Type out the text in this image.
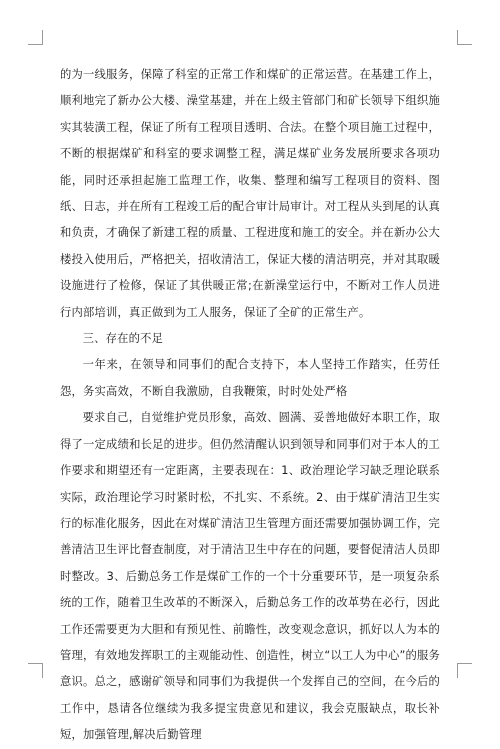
的为一线服务，保障了科室的正常工作和煤矿的正常运营。在基建工作上，顺利地完了新办公大楼、澡堂基建，并在上级主管部门和矿长领导下组织施实其装潢工程，保证了所有工程项目透明、合法。在整个项目施工过程中，不断的根据煤矿和科室的要求调整工程，满足煤矿业务发展所要求各项功能，同时还承担起施工监理工作，收集、整理和编写工程项目的资料、图纸、日志，并在所有工程竣工后的配合审计局审计。对工程从头到尾的认真和负责，才确保了新建工程的质量、工程进度和施工的安全。并在新办公大楼投入使用后，严格把关，招收清洁工，保证大楼的清洁明亮，并对其取暖设施进行了检修，保证了其供暖正常;在新澡堂运行中，不断对工作人员进行内部培训，真正做到为工人服务，保证了全矿的正常生产。

三、存在的不足

一年来，在领导和同事们的配合支持下，本人坚持工作踏实，任劳任怨，务实高效，不断自我激励，自我鞭策，时时处处严格

要求自己，自觉维护党员形象，高效、圆满、妥善地做好本职工作，取得了一定成绩和长足的进步。但仍然清醒认识到领导和同事们对于本人的工作要求和期望还有一定距离，主要表现在：1、政治理论学习缺乏理论联系实际，政治理论学习时紧时松，不扎实、不系统。2、由于煤矿清洁卫生实行的标准化服务，因此在对煤矿清洁卫生管理方面还需要加强协调工作，完善清洁卫生评比督查制度，对于清洁卫生中存在的问题，要督促清洁人员即时整改。3、后勤总务工作是煤矿工作的一个十分重要环节，是一项复杂系统的工作，随着卫生改革的不断深入，后勤总务工作的改革势在必行，因此工作还需要更为大胆和有预见性、前瞻性，改变观念意识，抓好以人为本的管理，有效地发挥职工的主观能动性、创造性，树立“以工人为中心”的服务意识。总之，感谢矿领导和同事们为我提供一个发挥自己的空间，在今后的工作中，恳请各位继续为我多提宝贵意见和建议，我会克服缺点，取长补短，加强管理,解决后勤管理
